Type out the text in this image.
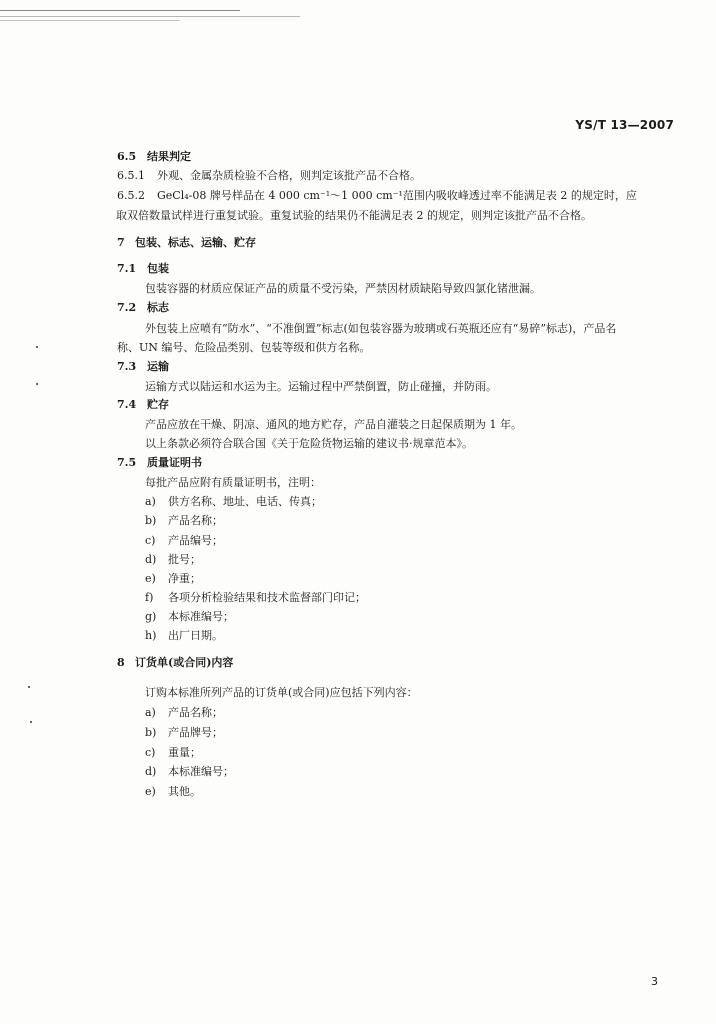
YS/T 13—2007
6.5 结果判定
6.5.1 外观、金属杂质检验不合格，则判定该批产品不合格。
6.5.2 GeCl₄-08 牌号样品在 4 000 cm⁻¹～1 000 cm⁻¹范围内吸收峰透过率不能满足表 2 的规定时，应
取双倍数量试样进行重复试验。重复试验的结果仍不能满足表 2 的规定，则判定该批产品不合格。
7 包装、标志、运输、贮存
7.1 包装
包装容器的材质应保证产品的质量不受污染，严禁因材质缺陷导致四氯化锗泄漏。
7.2 标志
外包装上应喷有“防水”、“不准倒置”标志(如包装容器为玻璃或石英瓶还应有“易碎”标志)，产品名
称、UN 编号、危险品类别、包装等级和供方名称。
7.3 运输
运输方式以陆运和水运为主。运输过程中严禁倒置，防止碰撞，并防雨。
7.4 贮存
产品应放在干燥、阴凉、通风的地方贮存，产品自灌装之日起保质期为 1 年。
以上条款必须符合联合国《关于危险货物运输的建议书·规章范本》。
7.5 质量证明书
每批产品应附有质量证明书，注明：
a) 供方名称、地址、电话、传真；
b) 产品名称；
c) 产品编号；
d) 批号；
e) 净重；
f) 各项分析检验结果和技术监督部门印记；
g) 本标准编号；
h) 出厂日期。
8 订货单(或合同)内容
订购本标准所列产品的订货单(或合同)应包括下列内容：
a) 产品名称；
b) 产品牌号；
c) 重量；
d) 本标准编号；
e) 其他。
3
